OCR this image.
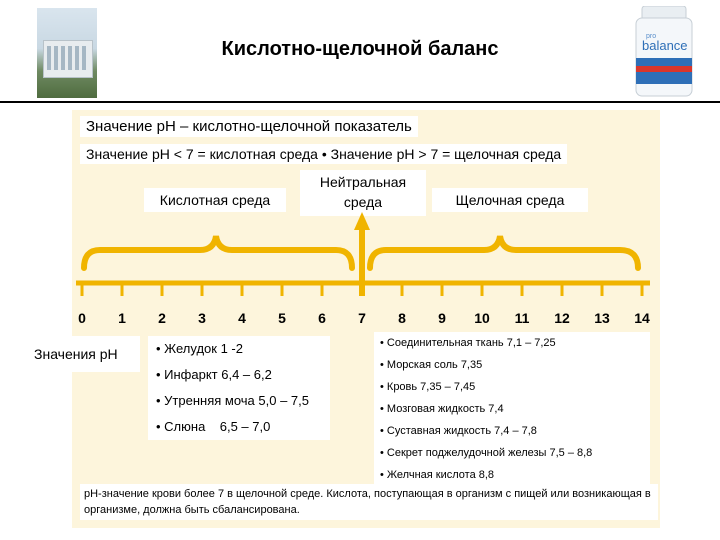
Кислотно-щелочной баланс
pro
balance
Значение pH – кислотно-щелочной показатель
Значение pH < 7 = кислотная среда • Значение pH > 7 = щелочная среда
Кислотная среда
Нейтральная среда	Щелочная среда
0	1	2	3	4	5	6	7	8	9	10	11	12	13	14
Значения pH	• Желудок 1 -2
• Инфаркт 6,4 – 6,2
• Утренняя моча 5,0 – 7,5
• Слюна    6,5 – 7,0
• Соединительная ткань 7,1 – 7,25
• Морская соль 7,35
• Кровь 7,35 – 7,45
• Мозговая жидкость 7,4
• Суставная жидкость 7,4 – 7,8
• Секрет поджелудочной железы 7,5 – 8,8
• Желчная кислота 8,8
pH-значение крови более 7 в щелочной среде. Кислота, поступающая в организм с пищей или возникающая в организме, должна быть сбалансирована.
